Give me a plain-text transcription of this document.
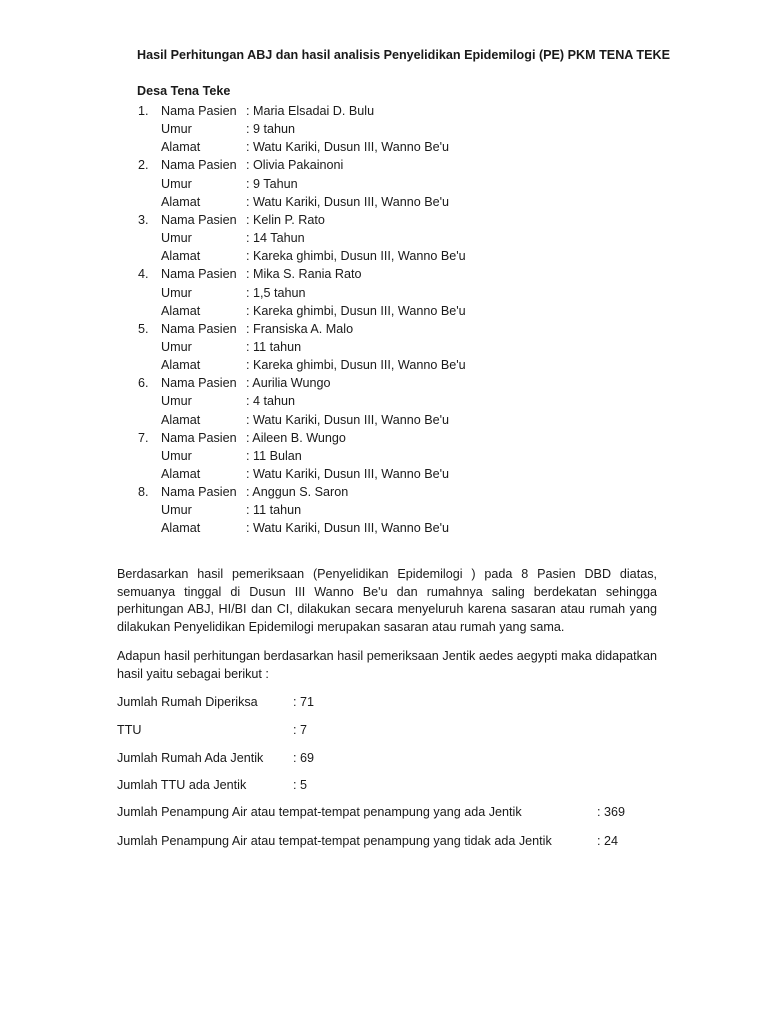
Hasil Perhitungan ABJ dan hasil analisis Penyelidikan Epidemilogi (PE) PKM TENA TEKE
Desa Tena Teke
1. Nama Pasien : Maria Elsadai D. Bulu
Umur	: 9 tahun
Alamat	: Watu Kariki, Dusun III, Wanno Be'u
2. Nama Pasien : Olivia Pakainoni
Umur	: 9 Tahun
Alamat	: Watu Kariki, Dusun III, Wanno Be'u
3. Nama Pasien : Kelin P. Rato
Umur	: 14 Tahun
Alamat	: Kareka ghimbi, Dusun III, Wanno Be'u
4. Nama Pasien : Mika S. Rania Rato
Umur	: 1,5 tahun
Alamat	: Kareka ghimbi, Dusun III, Wanno Be'u
5. Nama Pasien : Fransiska A. Malo
Umur	: 11 tahun
Alamat	: Kareka ghimbi, Dusun III, Wanno Be'u
6. Nama Pasien : Aurilia Wungo
Umur	: 4 tahun
Alamat	: Watu Kariki, Dusun III, Wanno Be'u
7. Nama Pasien : Aileen B. Wungo
Umur	: 11 Bulan
Alamat	: Watu Kariki, Dusun III, Wanno Be'u
8. Nama Pasien : Anggun S. Saron
Umur	: 11 tahun
Alamat	: Watu Kariki, Dusun III, Wanno Be'u
Berdasarkan hasil pemeriksaan (Penyelidikan Epidemilogi ) pada 8 Pasien DBD diatas, semuanya tinggal di Dusun III Wanno Be'u dan rumahnya saling berdekatan sehingga perhitungan ABJ, HI/BI dan CI, dilakukan secara menyeluruh karena sasaran atau rumah yang dilakukan Penyelidikan Epidemilogi merupakan sasaran atau rumah yang sama.
Adapun hasil perhitungan berdasarkan hasil pemeriksaan Jentik aedes aegypti maka didapatkan hasil yaitu sebagai berikut :
Jumlah Rumah Diperiksa	: 71
TTU	: 7
Jumlah Rumah Ada Jentik : 69
Jumlah TTU ada Jentik	: 5
Jumlah Penampung Air atau tempat-tempat penampung yang ada Jentik	: 369
Jumlah Penampung Air atau tempat-tempat penampung yang tidak ada Jentik	: 24
